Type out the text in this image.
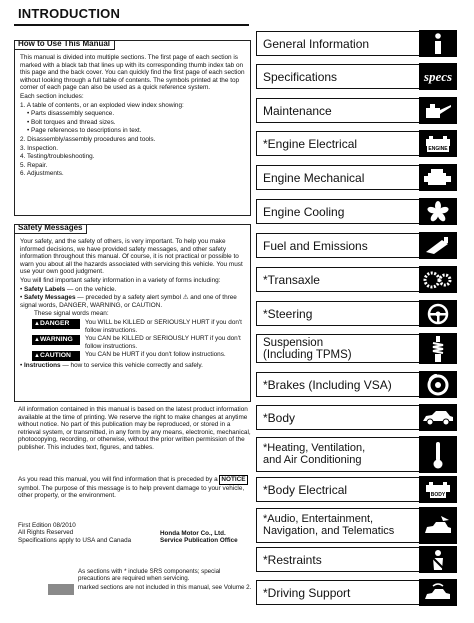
INTRODUCTION
How to Use This Manual

This manual is divided into multiple sections. The first page of each section is marked with a black tab that lines up with its corresponding thumb index tab on this page and the back cover. You can quickly find the first page of each section without looking through a full table of contents. The symbols printed at the top corner of each page can also be used as a quick reference system.

Each section includes:

1. A table of contents, or an exploded view index showing:

• Parts disassembly sequence.

• Bolt torques and thread sizes.

• Page references to descriptions in text.

2. Disassembly/assembly procedures and tools.

3. Inspection.

4. Testing/troubleshooting.

5. Repair.

6. Adjustments.

Safety Messages

Your safety, and the safety of others, is very important. To help you make informed decisions, we have provided safety messages, and other safety information throughout this manual. Of course, it is not practical or possible to warn you about all the hazards associated with servicing this vehicle. You must use your own good judgment.

You will find important safety information in a variety of forms including:

• Safety Labels — on the vehicle.

• Safety Messages — preceded by a safety alert symbol ⚠ and one of three signal words, DANGER, WARNING, or CAUTION.

These signal words mean:

▲DANGER	You WILL be KILLED or SERIOUSLY HURT if you don't follow instructions.
▲WARNING	You CAN be KILLED or SERIOUSLY HURT if you don't follow instructions.
▲CAUTION	You CAN be HURT if you don't follow instructions.

• Instructions — how to service this vehicle correctly and safely.

All information contained in this manual is based on the latest product information available at the time of printing. We reserve the right to make changes at anytime without notice. No part of this publication may be reproduced, or stored in a retrieval system, or transmitted, in any form by any means, electronic, mechanical, photocopying, recording, or otherwise, without the prior written permission of the publisher. This includes text, figures, and tables.
As you read this manual, you will find information that is preceded by a NOTICE symbol. The purpose of this message is to help prevent damage to your vehicle, other property, or the environment.
First Edition 08/2010
All Rights Reserved
Specifications apply to USA and Canada
Honda Motor Co., Ltd.
Service Publication Office
As sections with * include SRS components; special precautions are required when servicing.
marked sections are not included in this manual, see Volume 2.
General Information
Specifications	specs
Maintenance
*Engine Electrical	ENGINE
Engine Mechanical
Engine Cooling
Fuel and Emissions
*Transaxle
*Steering
Suspension
(Including TPMS)
*Brakes (Including VSA)
*Body
*Heating, Ventilation,
and Air Conditioning
*Body Electrical	BODY
*Audio, Entertainment,
Navigation, and Telematics
*Restraints
*Driving Support
